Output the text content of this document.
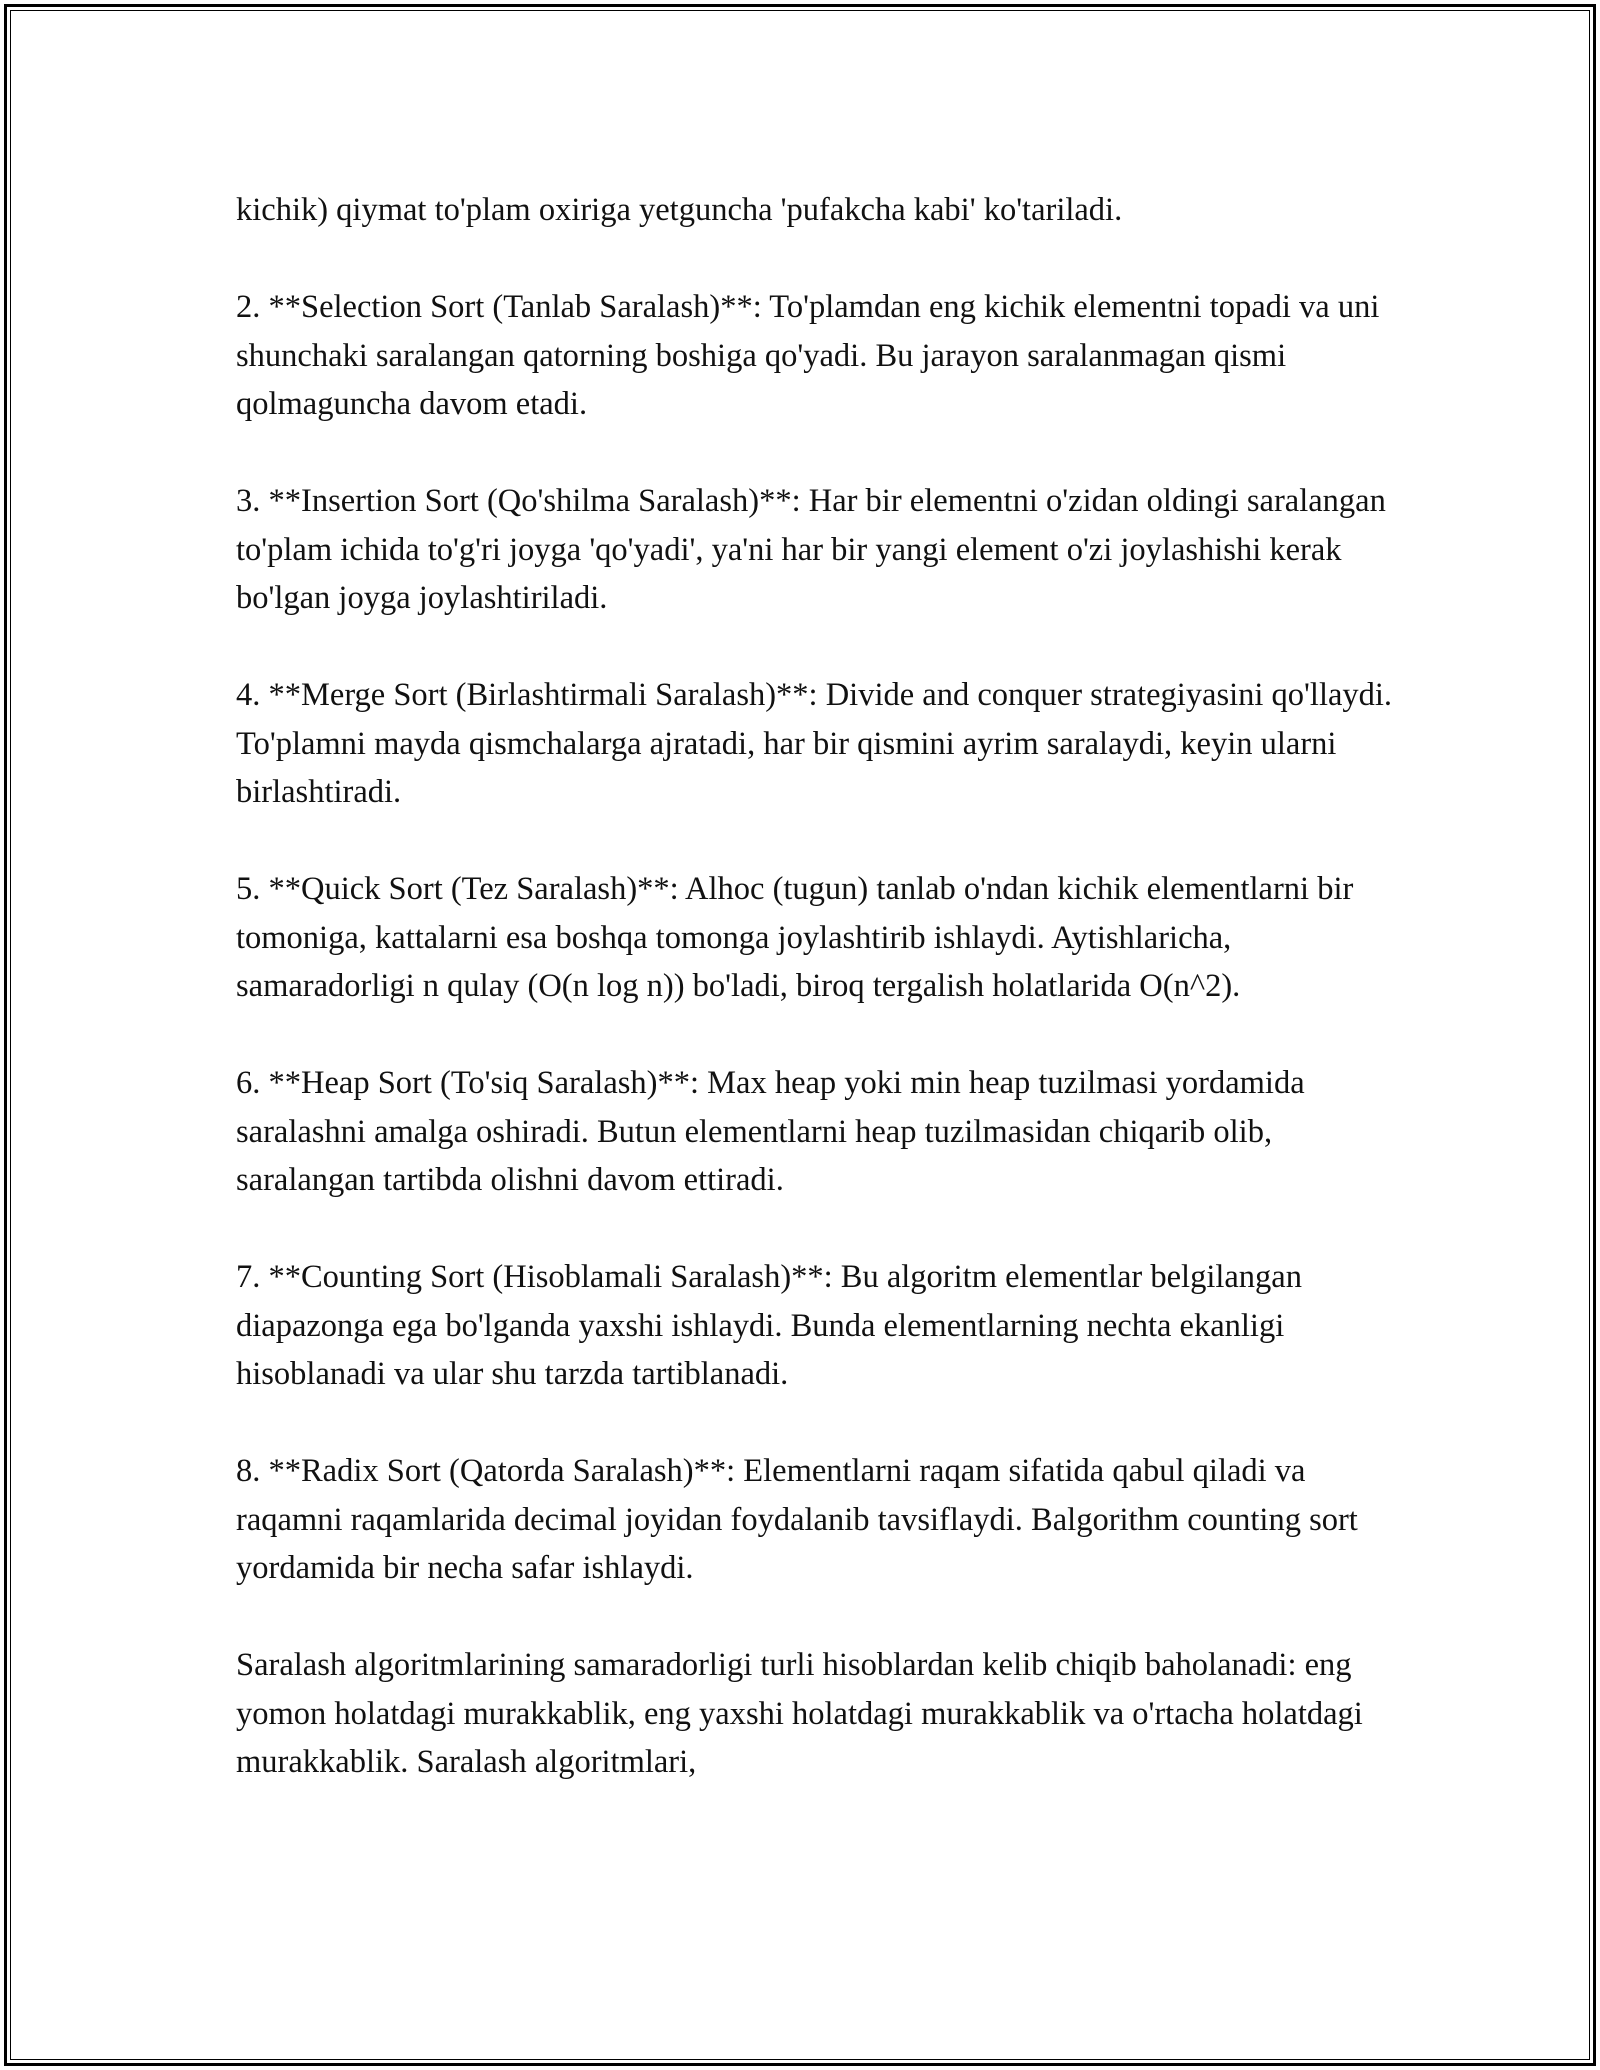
kichik) qiymat to'plam oxiriga yetguncha 'pufakcha kabi' ko'tariladi.

2. **Selection Sort (Tanlab Saralash)**: To'plamdan eng kichik elementni topadi va uni shunchaki saralangan qatorning boshiga qo'yadi. Bu jarayon saralanmagan qismi qolmaguncha davom etadi.

3. **Insertion Sort (Qo'shilma Saralash)**: Har bir elementni o'zidan oldingi saralangan to'plam ichida to'g'ri joyga 'qo'yadi', ya'ni har bir yangi element o'zi joylashishi kerak bo'lgan joyga joylashtiriladi.

4. **Merge Sort (Birlashtirmali Saralash)**: Divide and conquer strategiyasini qo'llaydi. To'plamni mayda qismchalarga ajratadi, har bir qismini ayrim saralaydi, keyin ularni birlashtiradi.

5. **Quick Sort (Tez Saralash)**: Alhoc (tugun) tanlab o'ndan kichik elementlarni bir tomoniga, kattalarni esa boshqa tomonga joylashtirib ishlaydi. Aytishlaricha, samaradorligi n qulay (O(n log n)) bo'ladi, biroq tergalish holatlarida O(n^2).

6. **Heap Sort (To'siq Saralash)**: Max heap yoki min heap tuzilmasi yordamida saralashni amalga oshiradi. Butun elementlarni heap tuzilmasidan chiqarib olib, saralangan tartibda olishni davom ettiradi.

7. **Counting Sort (Hisoblamali Saralash)**: Bu algoritm elementlar belgilangan diapazonga ega bo'lganda yaxshi ishlaydi. Bunda elementlarning nechta ekanligi hisoblanadi va ular shu tarzda tartiblanadi.

8. **Radix Sort (Qatorda Saralash)**: Elementlarni raqam sifatida qabul qiladi va raqamni raqamlarida decimal joyidan foydalanib tavsiflaydi. Balgorithm counting sort yordamida bir necha safar ishlaydi.

Saralash algoritmlarining samaradorligi turli hisoblardan kelib chiqib baholanadi: eng yomon holatdagi murakkablik, eng yaxshi holatdagi murakkablik va o'rtacha holatdagi murakkablik. Saralash algoritmlari,
